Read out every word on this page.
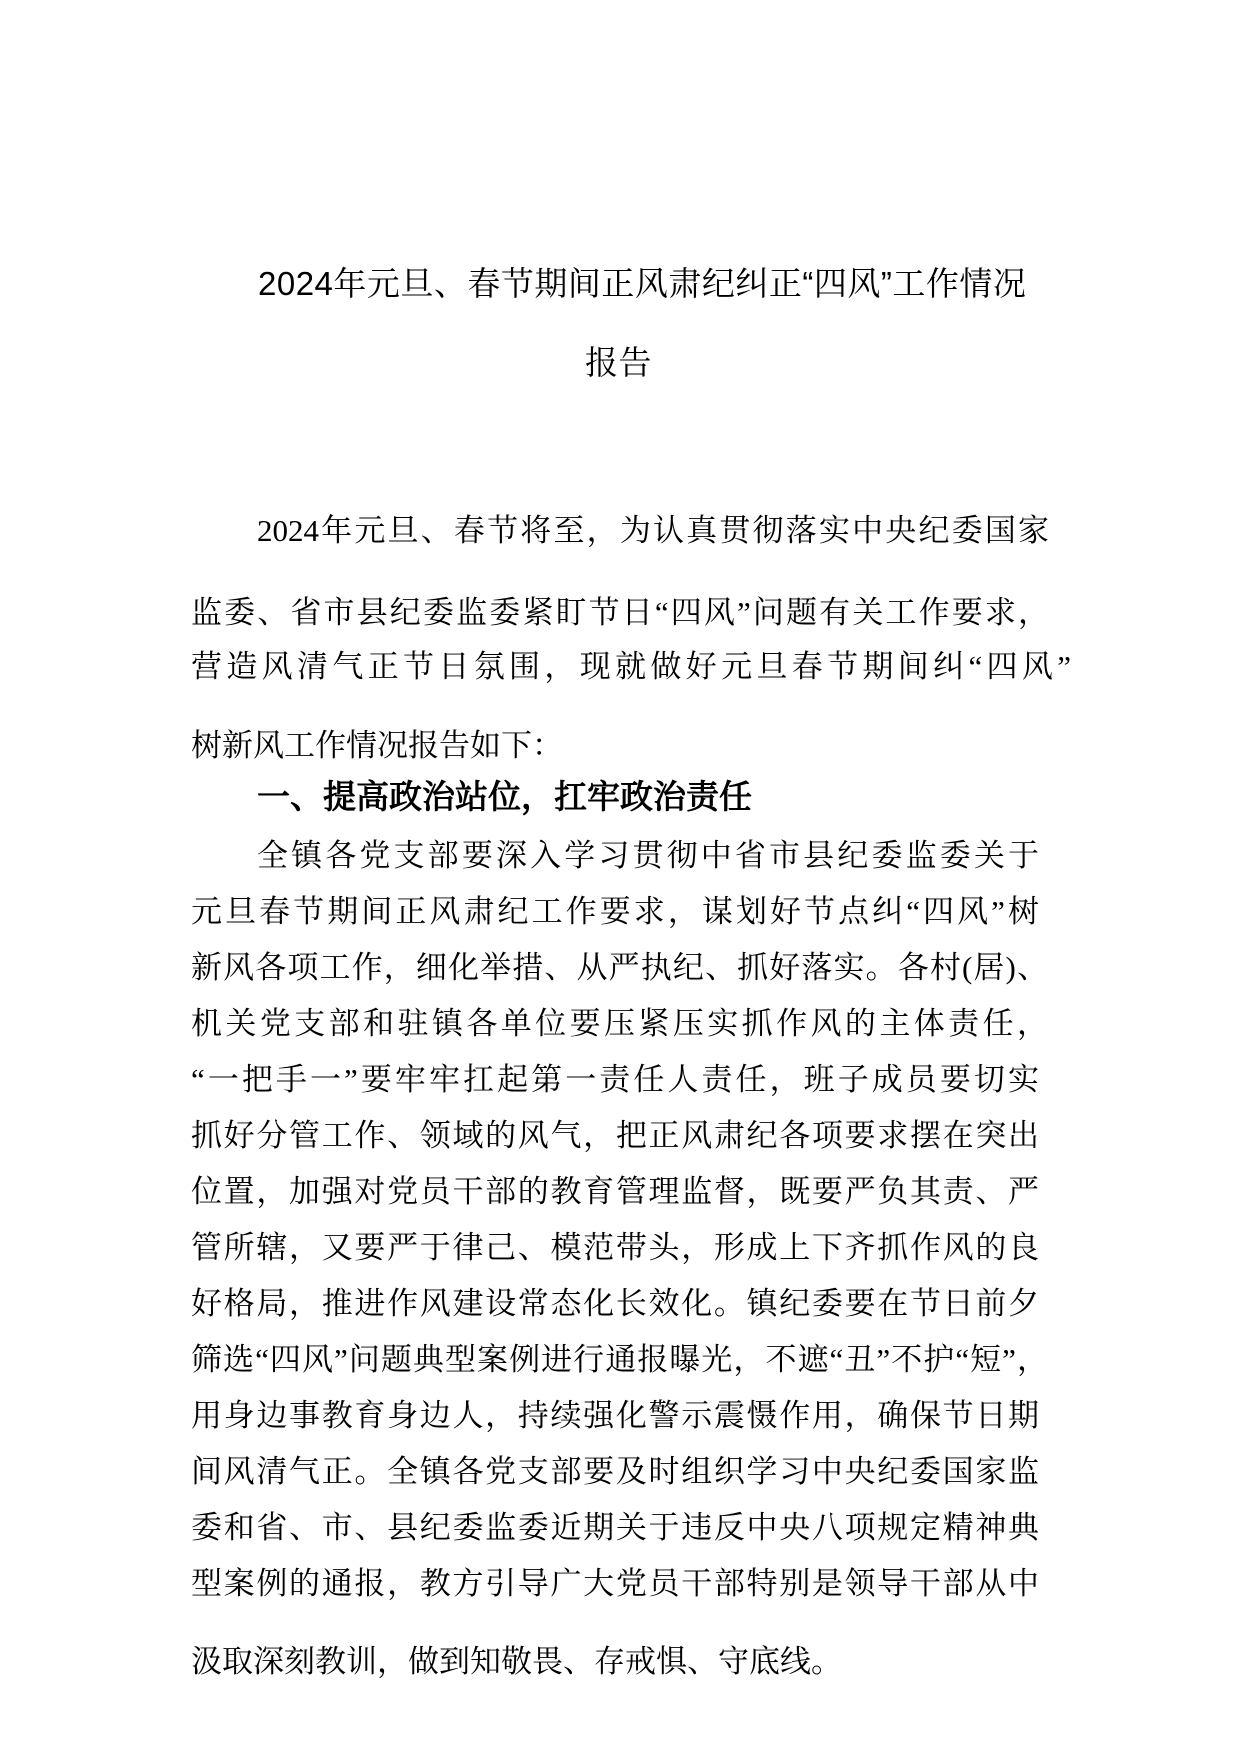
2024年元旦、春节期间正风肃纪纠正“四风”工作情况

报告

2024年元旦、春节将至，为认真贯彻落实中央纪委国家

监委、省市县纪委监委紧盯节日“四风”问题有关工作要求，

营造风清气正节日氛围，现就做好元旦春节期间纠“四风”

树新风工作情况报告如下：

一、提高政治站位，扛牢政治责任

全镇各党支部要深入学习贯彻中省市县纪委监委关于

元旦春节期间正风肃纪工作要求，谋划好节点纠“四风”树

新风各项工作，细化举措、从严执纪、抓好落实。各村(居)、

机关党支部和驻镇各单位要压紧压实抓作风的主体责任，

“一把手一”要牢牢扛起第一责任人责任，班子成员要切实

抓好分管工作、领域的风气，把正风肃纪各项要求摆在突出

位置，加强对党员干部的教育管理监督，既要严负其责、严

管所辖，又要严于律己、模范带头，形成上下齐抓作风的良

好格局，推进作风建设常态化长效化。镇纪委要在节日前夕

筛选“四风”问题典型案例进行通报曝光，不遮“丑”不护“短”，

用身边事教育身边人，持续强化警示震慑作用，确保节日期

间风清气正。全镇各党支部要及时组织学习中央纪委国家监

委和省、市、县纪委监委近期关于违反中央八项规定精神典

型案例的通报，教方引导广大党员干部特别是领导干部从中

汲取深刻教训，做到知敬畏、存戒惧、守底线。
